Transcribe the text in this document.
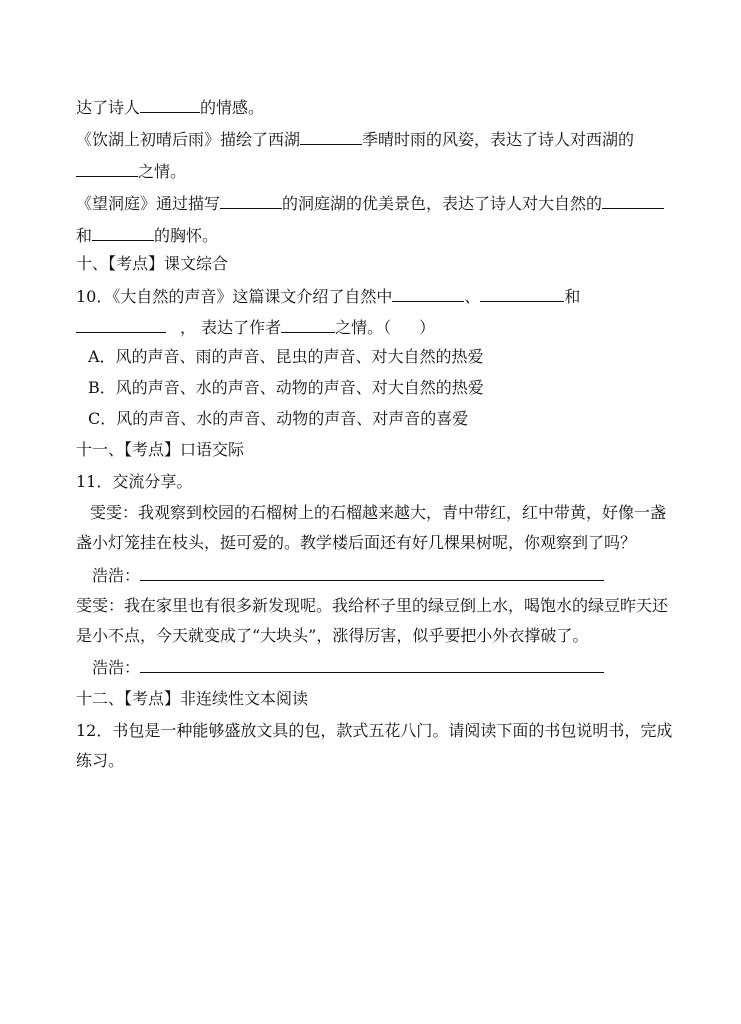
达了诗人	的情感。
《饮湖上初晴后雨》描绘了西湖	季晴时雨的风姿，表达了诗人对西湖的
之情。
《望洞庭》通过描写	的洞庭湖的优美景色，表达了诗人对大自然的
和	的胸怀。
十、【考点】课文综合
10．《大自然的声音》这篇课文介绍了自然中	、	和
， 表达了作者	之情。（ ）
A．风的声音、雨的声音、昆虫的声音、对大自然的热爱
B．风的声音、水的声音、动物的声音、对大自然的热爱
C．风的声音、水的声音、动物的声音、对声音的喜爱
十一、【考点】口语交际
11．交流分享。
雯雯：我观察到校园的石榴树上的石榴越来越大，青中带红，红中带黄，好像一盏
盏小灯笼挂在枝头，挺可爱的。教学楼后面还有好几棵果树呢，你观察到了吗？
浩浩：
雯雯：我在家里也有很多新发现呢。我给杯子里的绿豆倒上水，喝饱水的绿豆昨天还
是小不点，今天就变成了“大块头”，涨得厉害，似乎要把小外衣撑破了。
浩浩：
十二、【考点】非连续性文本阅读
12．书包是一种能够盛放文具的包，款式五花八门。请阅读下面的书包说明书，完成
练习。
